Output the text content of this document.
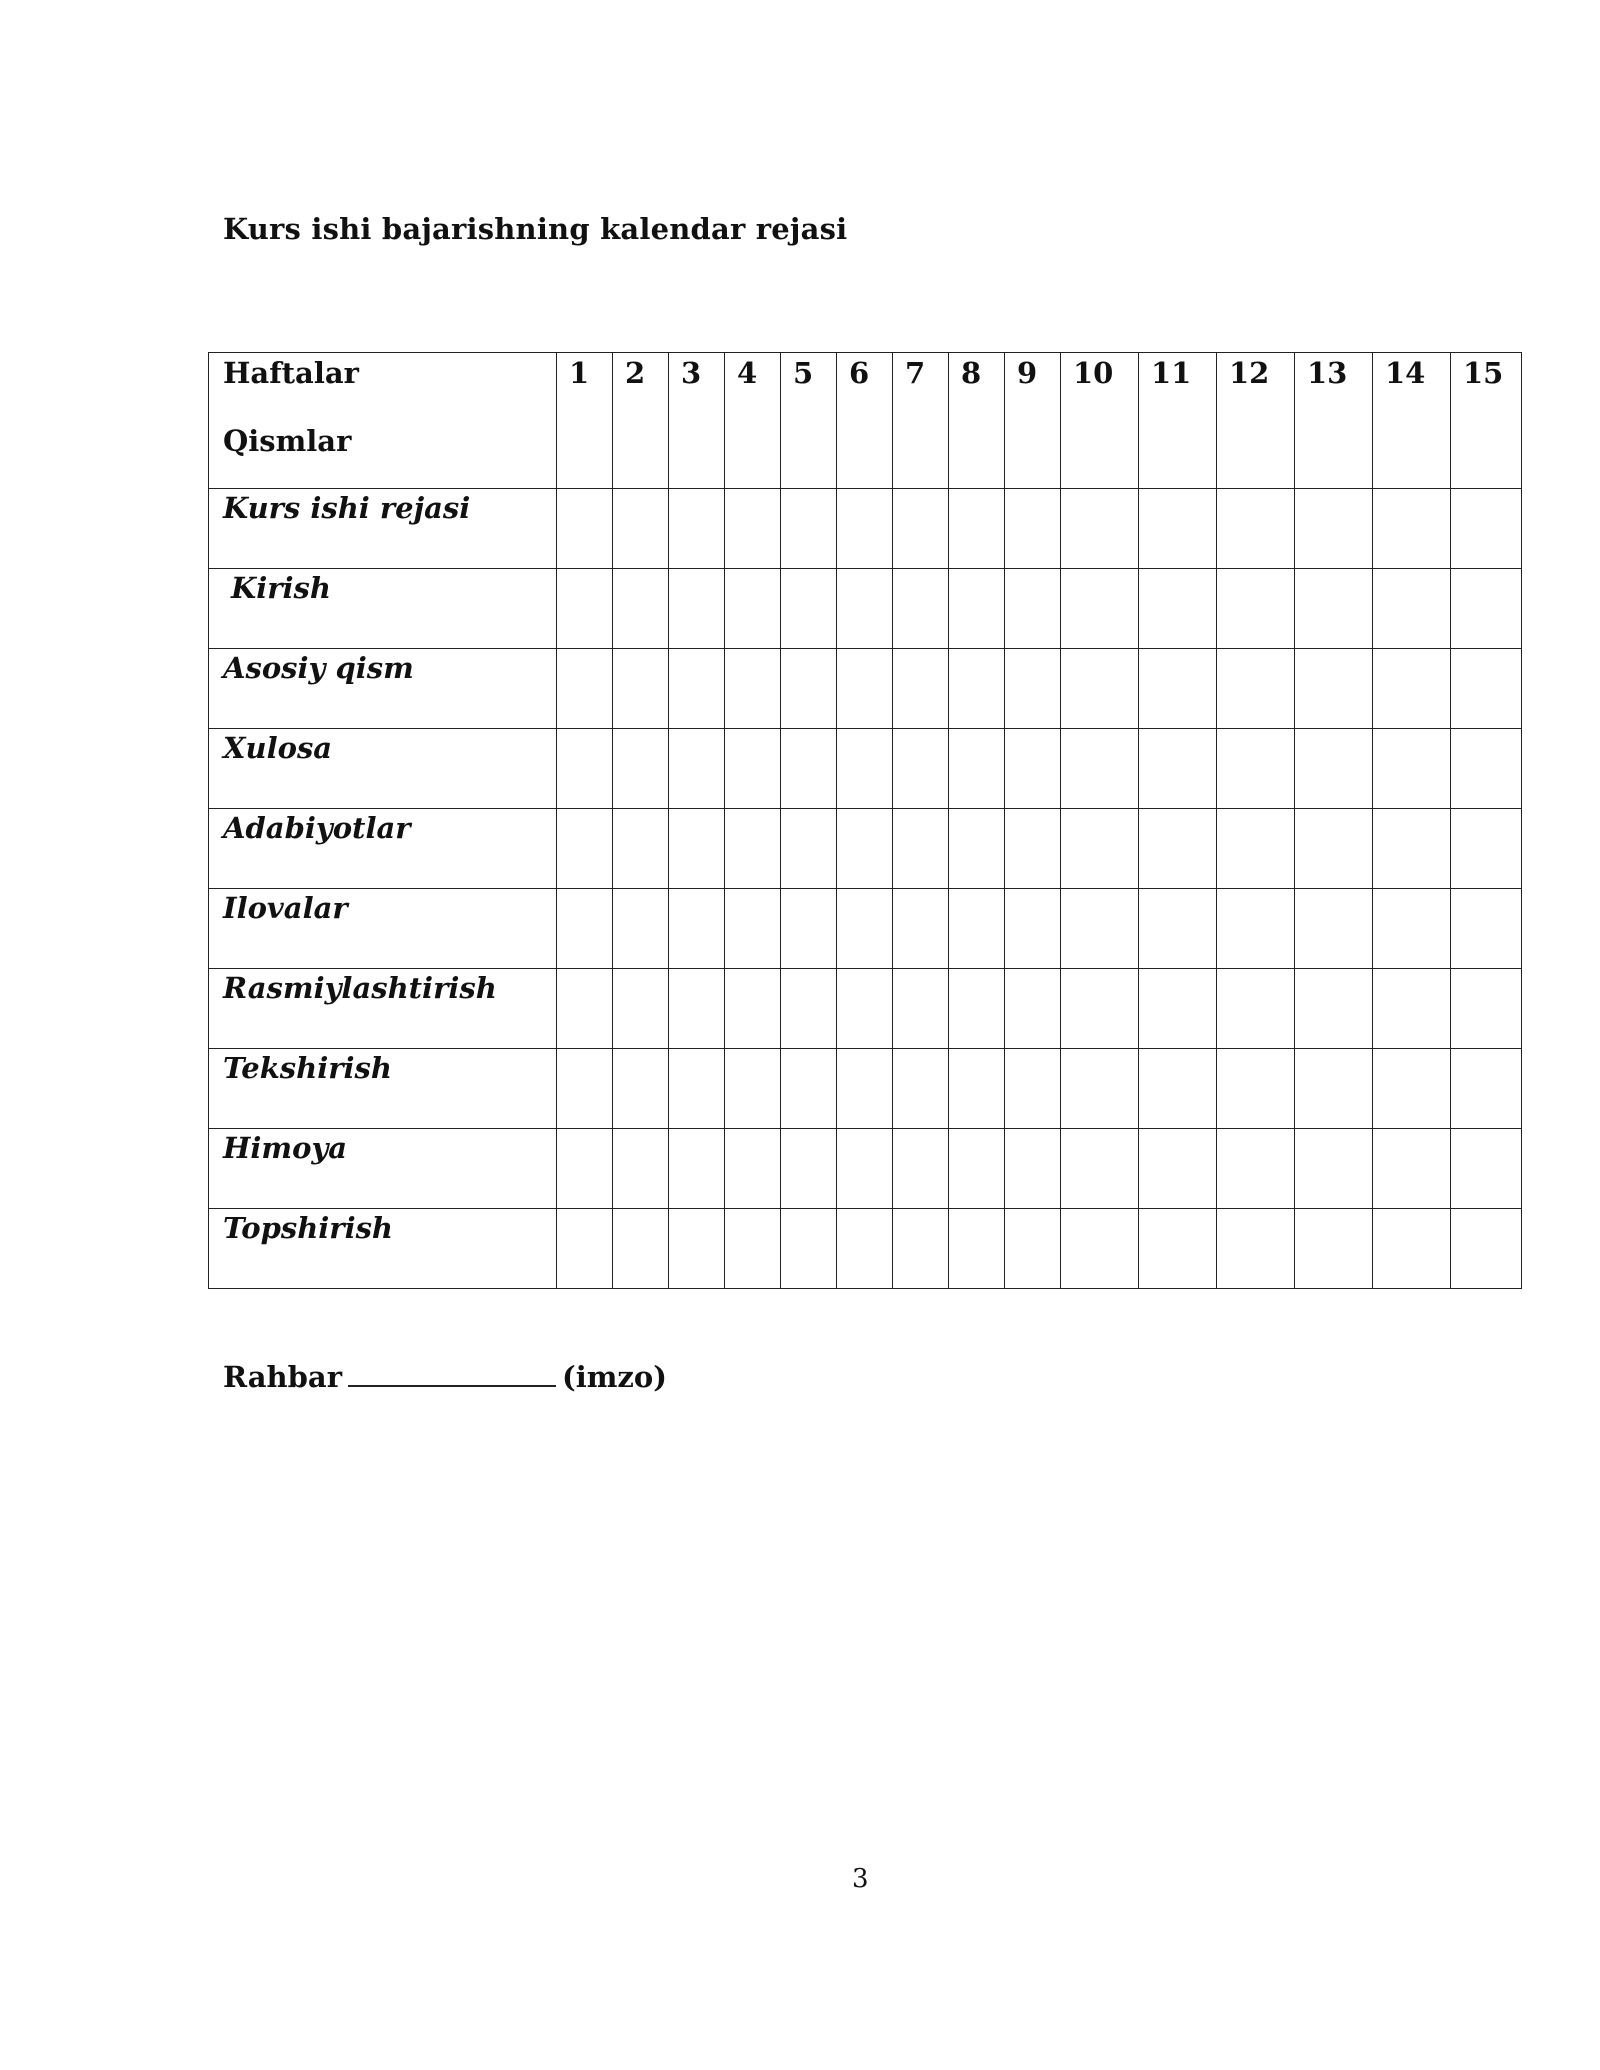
Kurs ishi bajarishning kalendar rejasi
Haftalar
Qismlar	1	2	3	4	5	6	7	8	9	10	11	12	13	14	15

Kurs ishi rejasi															

Kirish															

Asosiy qism															

Xulosa															

Adabiyotlar															

Ilovalar															

Rasmiylashtirish															

Tekshirish															

Himoya															

Topshirish															

Rahbar	(imzo)
3
